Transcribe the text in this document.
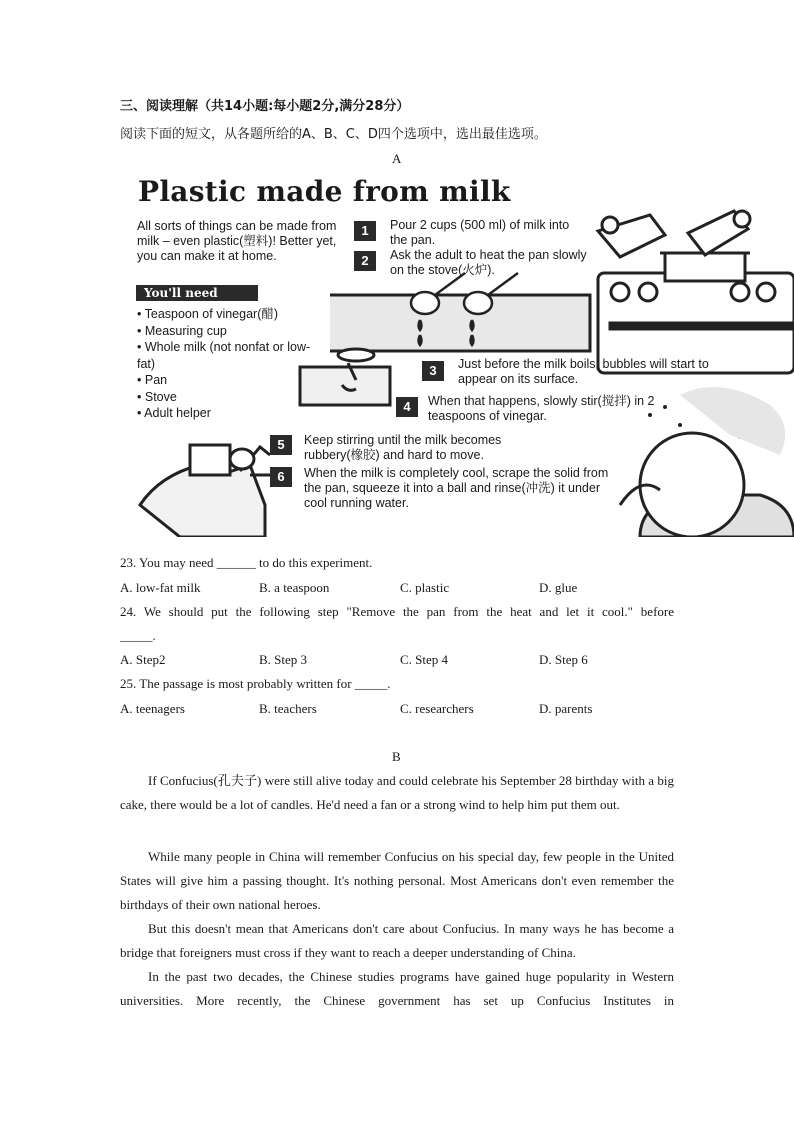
三、阅读理解（共14小题:每小题2分,满分28分）
阅读下面的短文，从各题所给的A、B、C、D四个选项中，选出最佳选项。
A
Plastic made from milk
All sorts of things can be made from milk – even plastic(塑料)! Better yet, you can make it at home.
You'll need
• Teaspoon of vinegar(醋)
• Measuring cup
• Whole milk (not nonfat or low-fat)
• Pan
• Stove
• Adult helper
1	Pour 2 cups (500 ml) of milk into the pan.
2	Ask the adult to heat the pan slowly on the stove(火炉).
3	Just before the milk boils, bubbles will start to appear on its surface.
4	When that happens, slowly stir(搅拌) in 2 teaspoons of vinegar.
5	Keep stirring until the milk becomes rubbery(橡胶) and hard to move.
6	When the milk is completely cool, scrape the solid from the pan, squeeze it into a ball and rinse(冲洗) it under cool running water.
23. You may need ______ to do this experiment.
A. low-fat milk	B. a teaspoon	C. plastic	D. glue
24. We should put the following step "Remove the pan from the heat and let it cool." before
_____.
A. Step2	B. Step 3	C. Step 4	D. Step 6
25. The passage is most probably written for _____.
A. teenagers	B. teachers	C. researchers	D. parents
B
If Confucius(孔夫子) were still alive today and could celebrate his September 28 birthday with a big cake, there would be a lot of candles. He'd need a fan or a strong wind to help him put them out.
While many people in China will remember Confucius on his special day, few people in the United States will give him a passing thought. It's nothing personal. Most Americans don't even remember the birthdays of their own national heroes.
But this doesn't mean that Americans don't care about Confucius. In many ways he has become a bridge that foreigners must cross if they want to reach a deeper understanding of China.
In the past two decades, the Chinese studies programs have gained huge popularity in Western universities. More recently, the Chinese government has set up Confucius Institutes in
